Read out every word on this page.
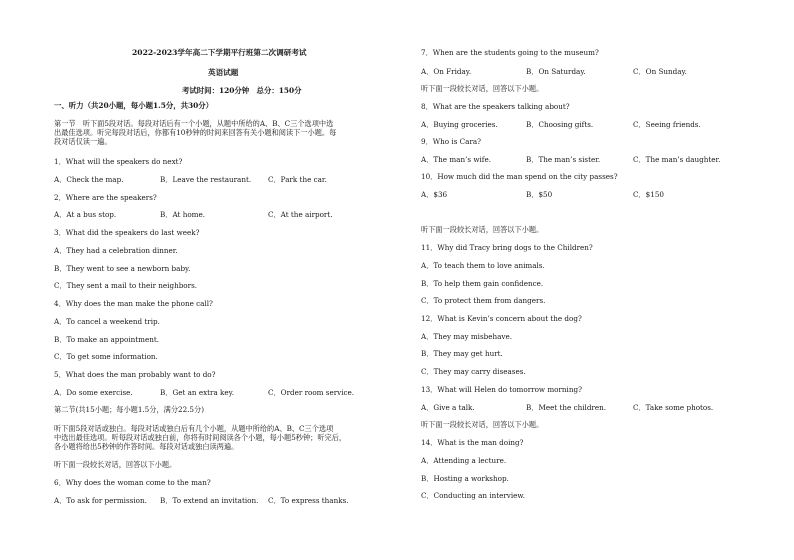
2022-2023学年高二下学期平行班第二次调研考试
英语试题
考试时间：120分钟　总分：150分
一、听力（共20小题，每小题1.5分，共30分）
第一节　听下面5段对话。每段对话后有一个小题，从题中所给的A、B、C三个选项中选
出最佳选项。听完每段对话后，你都有10秒钟的时间来回答有关小题和阅读下一小题。每
段对话仅读一遍。
1．What will the speakers do next?
A．Check the map.	B．Leave the restaurant. C．Park the car.
2．Where are the speakers?
A．At a bus stop.	B．At home.	C．At the airport.
3．What did the speakers do last week?
A．They had a celebration dinner.
B．They went to see a newborn baby.
C．They sent a mail to their neighbors.
4．Why does the man make the phone call?
A．To cancel a weekend trip.
B．To make an appointment.
C．To get some information.
5．What does the man probably want to do?
A．Do some exercise.	B．Get an extra key.	C．Order room service.
第二节(共15小题；每小题1.5分，满分22.5分)
听下面5段对话或独白。每段对话或独白后有几个小题，从题中所给的A、B、C三个选项
中选出最佳选项。听每段对话或独白前，你将有时间阅读各个小题，每小题5秒钟；听完后，
各小题将给出5秒钟的作答时间。每段对话或独白读两遍。
听下面一段较长对话，回答以下小题。
6．Why does the woman come to the man?
A．To ask for permission. B．To extend an invitation. C．To express thanks.
7．When are the students going to the museum?
A．On Friday.	B．On Saturday.	C．On Sunday.
听下面一段较长对话，回答以下小题。
8．What are the speakers talking about?
A．Buying groceries.	B．Choosing gifts.	C．Seeing friends.
9．Who is Cara?
A．The man’s wife.	B．The man’s sister.	C．The man’s daughter.
10．How much did the man spend on the city passes?
A．$36	B．$50	C．$150
听下面一段较长对话，回答以下小题。
11．Why did Tracy bring dogs to the Children?
A．To teach them to love animals.
B．To help them gain confidence.
C．To protect them from dangers.
12．What is Kevin’s concern about the dog?
A．They may misbehave.
B．They may get hurt.
C．They may carry diseases.
13．What will Helen do tomorrow morning?
A．Give a talk.	B．Meet the children.	C．Take some photos.
听下面一段较长对话，回答以下小题。
14．What is the man doing?
A．Attending a lecture.
B．Hosting a workshop.
C．Conducting an interview.
